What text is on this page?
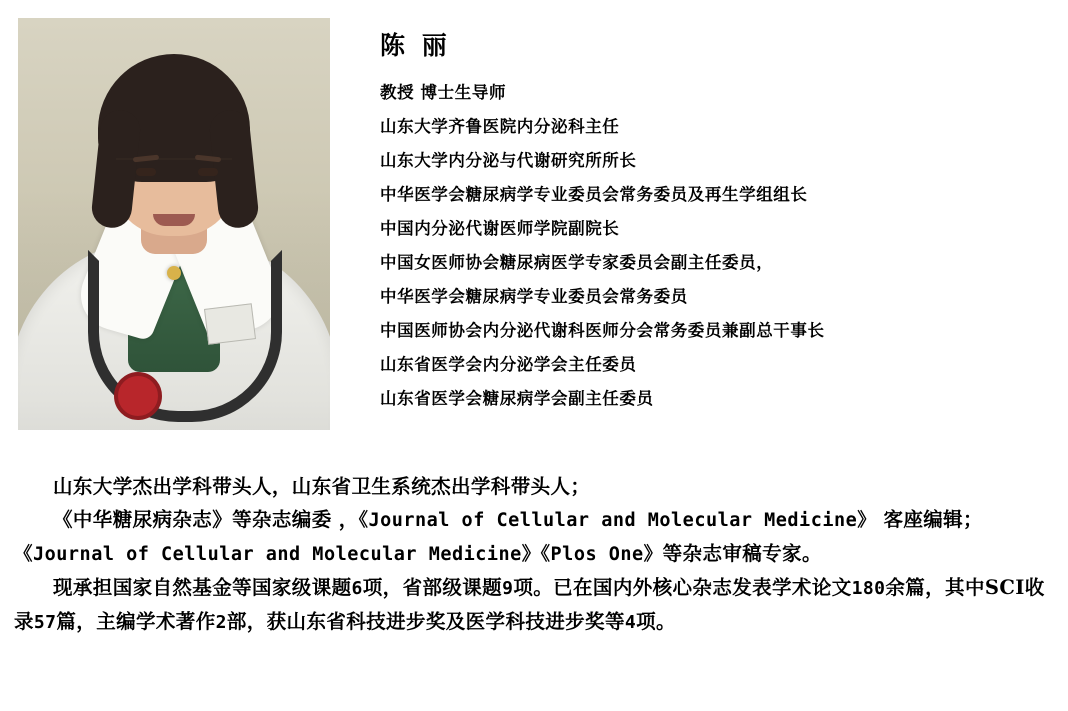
陈 丽
教授 博士生导师
山东大学齐鲁医院内分泌科主任
山东大学内分泌与代谢研究所所长
中华医学会糖尿病学专业委员会常务委员及再生学组组长
中国内分泌代谢医师学院副院长
中国女医师协会糖尿病医学专家委员会副主任委员，
中华医学会糖尿病学专业委员会常务委员
中国医师协会内分泌代谢科医师分会常务委员兼副总干事长
山东省医学会内分泌学会主任委员
山东省医学会糖尿病学会副主任委员

山东大学杰出学科带头人，山东省卫生系统杰出学科带头人；

《中华糖尿病杂志》等杂志编委 ，《Journal of Cellular and Molecular Medicine》 客座编辑；《Journal of Cellular and Molecular Medicine》《Plos One》等杂志审稿专家。

现承担国家自然基金等国家级课题6项，省部级课题9项。已在国内外核心杂志发表学术论文180余篇，其中SCI收录57篇，主编学术著作2部，获山东省科技进步奖及医学科技进步奖等4项。
